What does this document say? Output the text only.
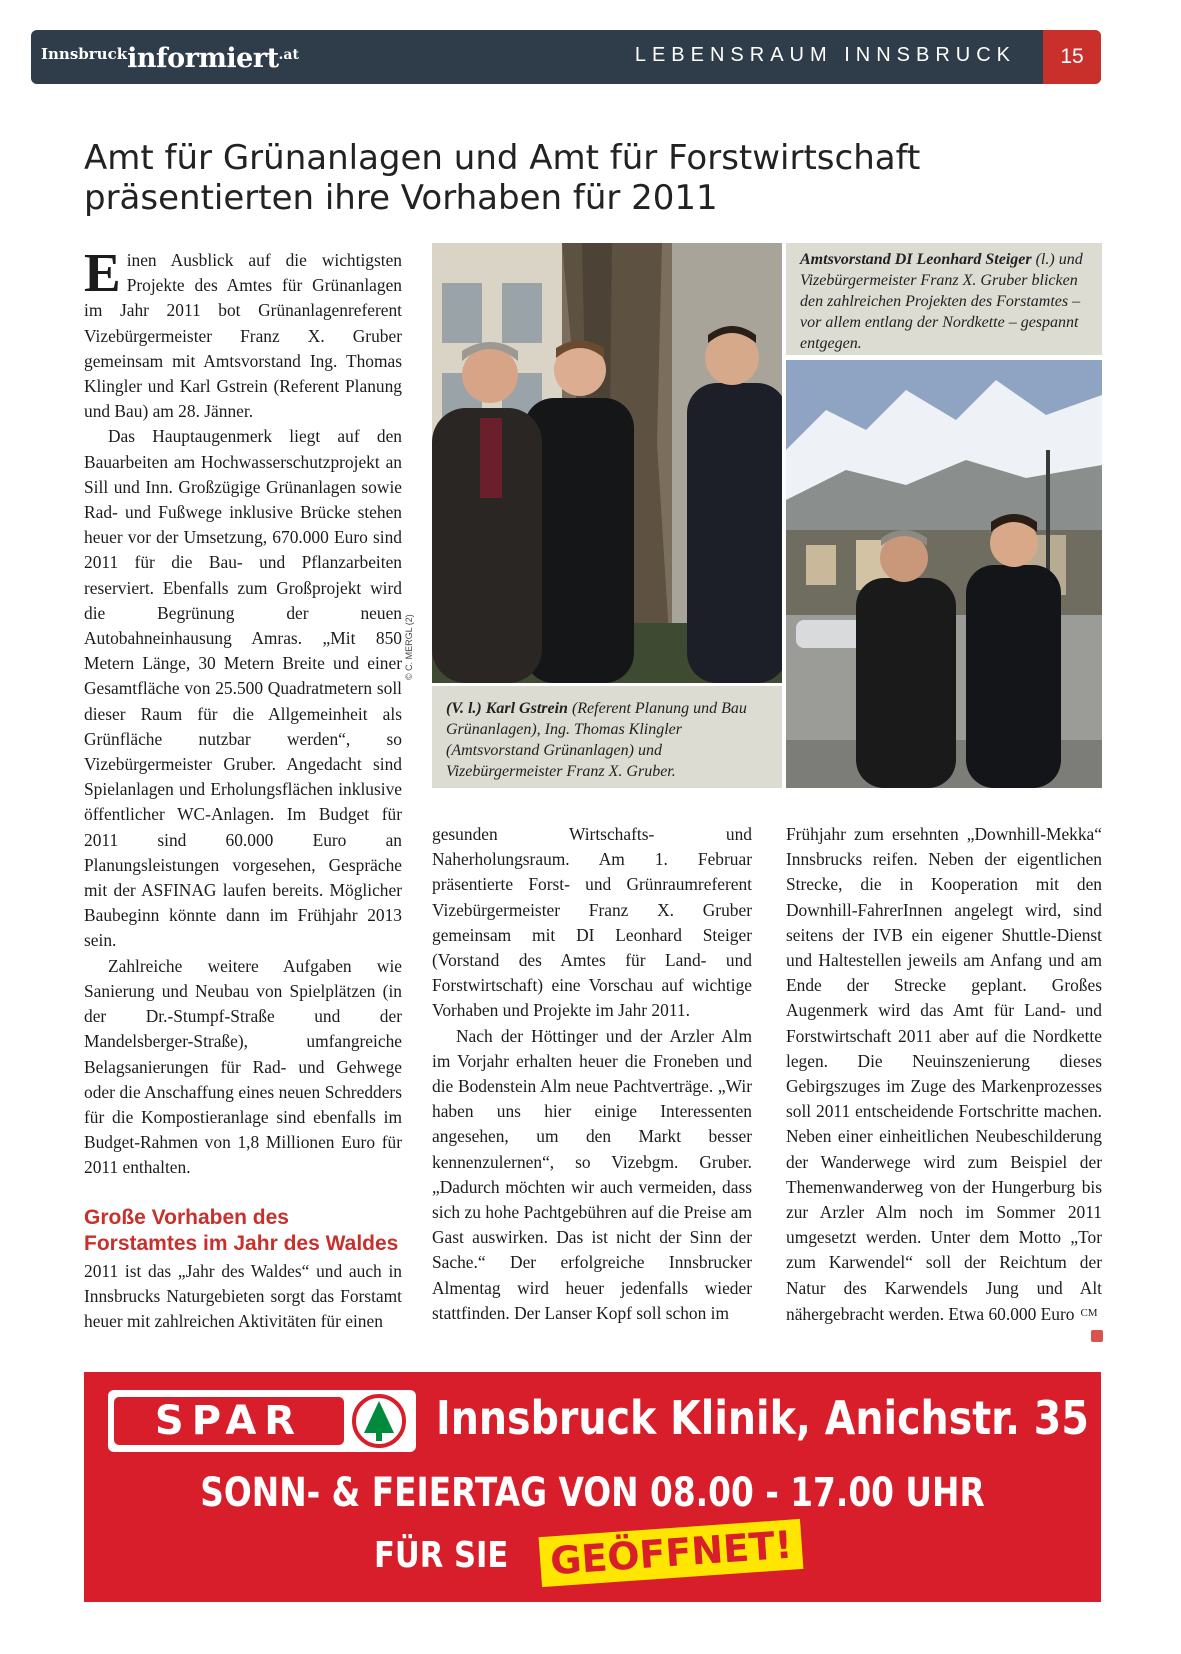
Innsbruckinformiert.at	LEBENSRAUM INNSBRUCK	15
Amt für Grünanlagen und Amt für Forstwirtschaft
präsentierten ihre Vorhaben für 2011

Einen Ausblick auf die wichtigsten Projekte des Amtes für Grünanlagen im Jahr 2011 bot Grünanlagenreferent Vizebürgermeister Franz X. Gruber gemeinsam mit Amtsvorstand Ing. Thomas Klingler und Karl Gstrein (Referent Planung und Bau) am 28. Jänner.

Das Hauptaugenmerk liegt auf den Bauarbeiten am Hochwasserschutzprojekt an Sill und Inn. Großzügige Grünanlagen sowie Rad- und Fußwege inklusive Brücke stehen heuer vor der Umsetzung, 670.000 Euro sind 2011 für die Bau- und Pflanzarbeiten reserviert. Ebenfalls zum Großprojekt wird die Begrünung der neuen Autobahneinhausung Amras. „Mit 850 Metern Länge, 30 Metern Breite und einer Gesamtfläche von 25.500 Quadratmetern soll dieser Raum für die Allgemeinheit als Grünfläche nutzbar werden“, so Vizebürgermeister Gruber. Angedacht sind Spielanlagen und Erholungsflächen inklusive öffentlicher WC-Anlagen. Im Budget für 2011 sind 60.000 Euro an Planungsleistungen vorgesehen, Gespräche mit der ASFINAG laufen bereits. Möglicher Baubeginn könnte dann im Frühjahr 2013 sein.

Zahlreiche weitere Aufgaben wie Sanierung und Neubau von Spielplätzen (in der Dr.-Stumpf-Straße und der Mandelsberger-Straße), umfangreiche Belagsanierungen für Rad- und Gehwege oder die Anschaffung eines neuen Schredders für die Kompostieranlage sind ebenfalls im Budget-Rahmen von 1,8 Millionen Euro für 2011 enthalten.

Große Vorhaben des Forstamtes im Jahr des Waldes

2011 ist das „Jahr des Waldes“ und auch in Innsbrucks Naturgebieten sorgt das Forstamt heuer mit zahlreichen Aktivitäten für einen

© C. MERGL (2)
(V. l.) Karl Gstrein (Referent Planung und Bau Grünanlagen), Ing. Thomas Klingler (Amtsvorstand Grünanlagen) und Vizebürgermeister Franz X. Gruber.
Amtsvorstand DI Leonhard Steiger (l.) und Vizebürgermeister Franz X. Gruber blicken den zahlreichen Projekten des Forstamtes – vor allem entlang der Nordkette – gespannt entgegen.

gesunden Wirtschafts- und Naherholungsraum. Am 1. Februar präsentierte Forst- und Grünraumreferent Vizebürgermeister Franz X. Gruber gemeinsam mit DI Leonhard Steiger (Vorstand des Amtes für Land- und Forstwirtschaft) eine Vorschau auf wichtige Vorhaben und Projekte im Jahr 2011.

Nach der Höttinger und der Arzler Alm im Vorjahr erhalten heuer die Froneben und die Bodenstein Alm neue Pachtverträge. „Wir haben uns hier einige Interessenten angesehen, um den Markt besser kennenzulernen“, so Vizebgm. Gruber. „Dadurch möchten wir auch vermeiden, dass sich zu hohe Pachtgebühren auf die Preise am Gast auswirken. Das ist nicht der Sinn der Sache.“ Der erfolgreiche Innsbrucker Almentag wird heuer jedenfalls wieder stattfinden. Der Lanser Kopf soll schon im

Frühjahr zum ersehnten „Downhill-Mekka“ Innsbrucks reifen. Neben der eigentlichen Strecke, die in Kooperation mit den Downhill-FahrerInnen angelegt wird, sind seitens der IVB ein eigener Shuttle-Dienst und Haltestellen jeweils am Anfang und am Ende der Strecke geplant. Großes Augenmerk wird das Amt für Land- und Forstwirtschaft 2011 aber auf die Nordkette legen. Die Neuinszenierung dieses Gebirgszuges im Zuge des Markenprozesses soll 2011 entscheidende Fortschritte machen. Neben einer einheitlichen Neubeschilderung der Wanderwege wird zum Beispiel der Themenwanderweg von der Hungerburg bis zur Arzler Alm noch im Sommer 2011 umgesetzt werden. Unter dem Motto „Tor zum Karwendel“ soll der Reichtum der Natur des Karwendels Jung und Alt nähergebracht werden. Etwa 60.000 Euro $^{CM}$

SPAR	Innsbruck Klinik, Anichstr. 35
SONN- & FEIERTAG VON 08.00 - 17.00 UHR
FÜR SIE GEÖFFNET!
